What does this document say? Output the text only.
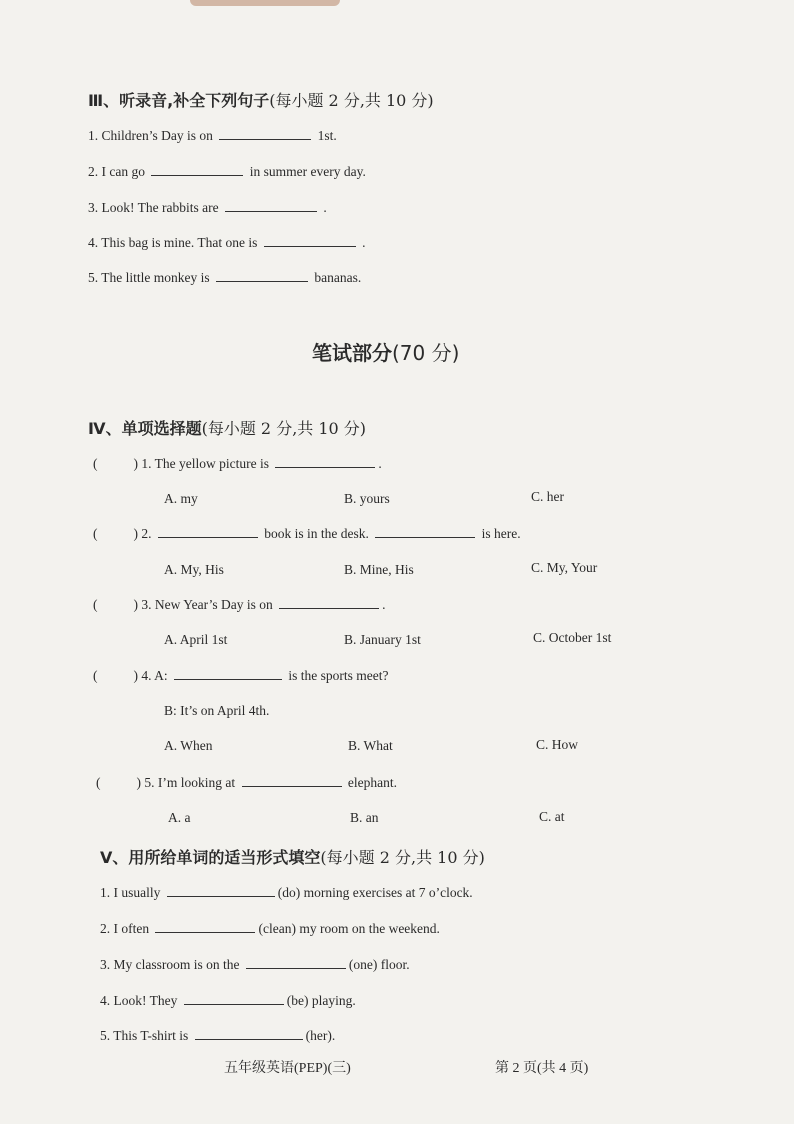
Ⅲ、听录音,补全下列句子(每小题 2 分,共 10 分)
1. Children’s Day is on	1st.
2. I can go	in summer every day.
3. Look! The rabbits are	.
4. This bag is mine. That one is	.
5. The little monkey is	bananas.
笔试部分(70 分)
Ⅳ、单项选择题(每小题 2 分,共 10 分)
(	) 1. The yellow picture is	.
A. my	B. yours	C. her
(	) 2.	book is in the desk.	is here.
A. My, His	B. Mine, His	C. My, Your
(	) 3. New Year’s Day is on	.
A. April 1st	B. January 1st	C. October 1st
(	) 4. A:	is the sports meet?
B: It’s on April 4th.
A. When	B. What	C. How
(	) 5. I’m looking at	elephant.
A. a	B. an	C. at
Ⅴ、用所给单词的适当形式填空(每小题 2 分,共 10 分)
1. I usually	(do) morning exercises at 7 o’clock.
2. I often	(clean) my room on the weekend.
3. My classroom is on the	(one) floor.
4. Look! They	(be) playing.
5. This T-shirt is	(her).
五年级英语(PEP)(三)	第 2 页(共 4 页)
